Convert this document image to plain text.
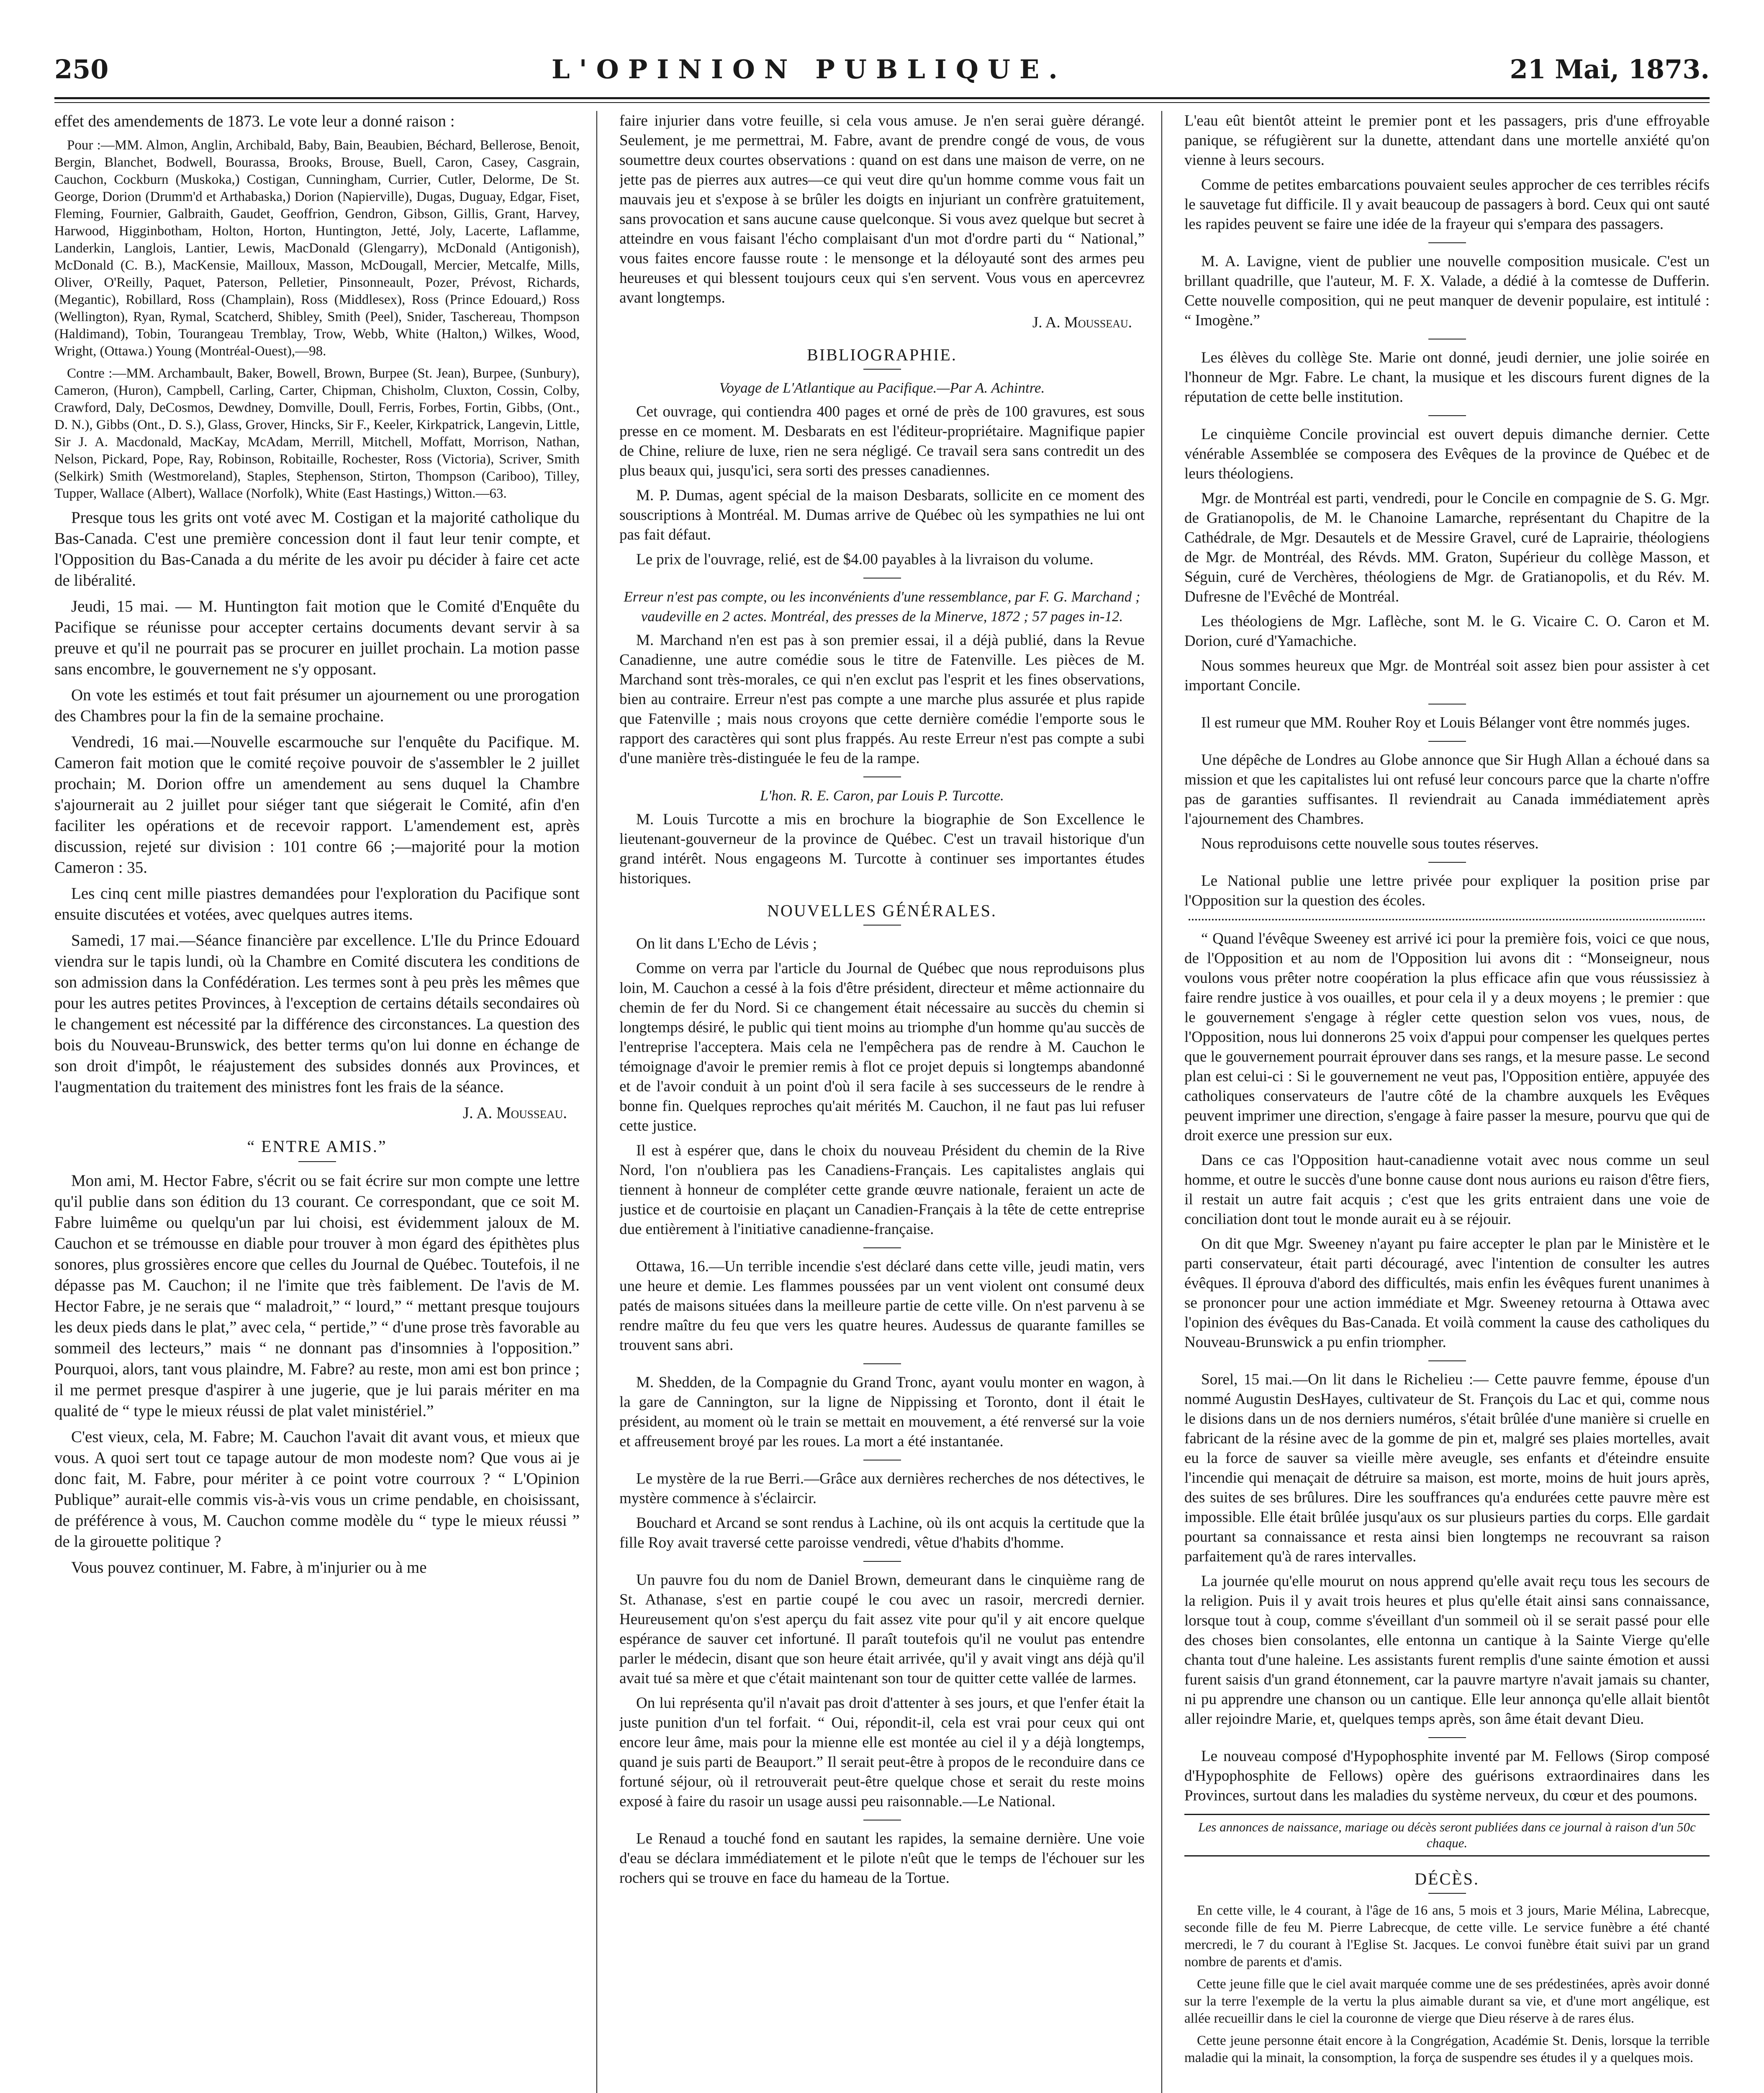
250	L'OPINION PUBLIQUE.	21 Mai, 1873.

effet des amendements de 1873. Le vote leur a donné raison :

Pour :—MM. Almon, Anglin, Archibald, Baby, Bain, Beaubien, Béchard, Bellerose, Benoit, Bergin, Blanchet, Bodwell, Bourassa, Brooks, Brouse, Buell, Caron, Casey, Casgrain, Cauchon, Cockburn (Muskoka,) Costigan, Cunningham, Currier, Cutler, Delorme, De St. George, Dorion (Drumm'd et Arthabaska,) Dorion (Napierville), Dugas, Duguay, Edgar, Fiset, Fleming, Fournier, Galbraith, Gaudet, Geoffrion, Gendron, Gibson, Gillis, Grant, Harvey, Harwood, Higginbotham, Holton, Horton, Huntington, Jetté, Joly, Lacerte, Laflamme, Landerkin, Langlois, Lantier, Lewis, MacDonald (Glengarry), McDonald (Antigonish), McDonald (C. B.), MacKensie, Mailloux, Masson, McDougall, Mercier, Metcalfe, Mills, Oliver, O'Reilly, Paquet, Paterson, Pelletier, Pinsonneault, Pozer, Prévost, Richards, (Megantic), Robillard, Ross (Champlain), Ross (Middlesex), Ross (Prince Edouard,) Ross (Wellington), Ryan, Rymal, Scatcherd, Shibley, Smith (Peel), Snider, Taschereau, Thompson (Haldimand), Tobin, Tourangeau Tremblay, Trow, Webb, White (Halton,) Wilkes, Wood, Wright, (Ottawa.) Young (Montréal-Ouest),—98.

Contre :—MM. Archambault, Baker, Bowell, Brown, Burpee (St. Jean), Burpee, (Sunbury), Cameron, (Huron), Campbell, Carling, Carter, Chipman, Chisholm, Cluxton, Cossin, Colby, Crawford, Daly, DeCosmos, Dewdney, Domville, Doull, Ferris, Forbes, Fortin, Gibbs, (Ont., D. N.), Gibbs (Ont., D. S.), Glass, Grover, Hincks, Sir F., Keeler, Kirkpatrick, Langevin, Little, Sir J. A. Macdonald, MacKay, McAdam, Merrill, Mitchell, Moffatt, Morrison, Nathan, Nelson, Pickard, Pope, Ray, Robinson, Robitaille, Rochester, Ross (Victoria), Scriver, Smith (Selkirk) Smith (Westmoreland), Staples, Stephenson, Stirton, Thompson (Cariboo), Tilley, Tupper, Wallace (Albert), Wallace (Norfolk), White (East Hastings,) Witton.—63.

Presque tous les grits ont voté avec M. Costigan et la majorité catholique du Bas-Canada. C'est une première concession dont il faut leur tenir compte, et l'Opposition du Bas-Canada a du mérite de les avoir pu décider à faire cet acte de libéralité.

Jeudi, 15 mai. — M. Huntington fait motion que le Comité d'Enquête du Pacifique se réunisse pour accepter certains documents devant servir à sa preuve et qu'il ne pourrait pas se procurer en juillet prochain. La motion passe sans encombre, le gouvernement ne s'y opposant.

On vote les estimés et tout fait présumer un ajournement ou une prorogation des Chambres pour la fin de la semaine prochaine.

Vendredi, 16 mai.—Nouvelle escarmouche sur l'enquête du Pacifique. M. Cameron fait motion que le comité reçoive pouvoir de s'assembler le 2 juillet prochain; M. Dorion offre un amendement au sens duquel la Chambre s'ajournerait au 2 juillet pour siéger tant que siégerait le Comité, afin d'en faciliter les opérations et de recevoir rapport. L'amendement est, après discussion, rejeté sur division : 101 contre 66 ;—majorité pour la motion Cameron : 35.

Les cinq cent mille piastres demandées pour l'exploration du Pacifique sont ensuite discutées et votées, avec quelques autres items.

Samedi, 17 mai.—Séance financière par excellence. L'Ile du Prince Edouard viendra sur le tapis lundi, où la Chambre en Comité discutera les conditions de son admission dans la Confédération. Les termes sont à peu près les mêmes que pour les autres petites Provinces, à l'exception de certains détails secondaires où le changement est nécessité par la différence des circonstances. La question des bois du Nouveau-Brunswick, des better terms qu'on lui donne en échange de son droit d'impôt, le réajustement des subsides donnés aux Provinces, et l'augmentation du traitement des ministres font les frais de la séance.

J. A. Mousseau.
“ ENTRE AMIS.”

Mon ami, M. Hector Fabre, s'écrit ou se fait écrire sur mon compte une lettre qu'il publie dans son édition du 13 courant. Ce correspondant, que ce soit M. Fabre luimême ou quelqu'un par lui choisi, est évidemment jaloux de M. Cauchon et se trémousse en diable pour trouver à mon égard des épithètes plus sonores, plus grossières encore que celles du Journal de Québec. Toutefois, il ne dépasse pas M. Cauchon; il ne l'imite que très faiblement. De l'avis de M. Hector Fabre, je ne serais que “ maladroit,” “ lourd,” “ mettant presque toujours les deux pieds dans le plat,” avec cela, “ pertide,” “ d'une prose très favorable au sommeil des lecteurs,” mais “ ne donnant pas d'insomnies à l'opposition.” Pourquoi, alors, tant vous plaindre, M. Fabre? au reste, mon ami est bon prince ; il me permet presque d'aspirer à une jugerie, que je lui parais mériter en ma qualité de “ type le mieux réussi de plat valet ministériel.”

C'est vieux, cela, M. Fabre; M. Cauchon l'avait dit avant vous, et mieux que vous. A quoi sert tout ce tapage autour de mon modeste nom? Que vous ai je donc fait, M. Fabre, pour mériter à ce point votre courroux ? “ L'Opinion Publique” aurait-elle commis vis-à-vis vous un crime pendable, en choisissant, de préférence à vous, M. Cauchon comme modèle du “ type le mieux réussi ” de la girouette politique ?

Vous pouvez continuer, M. Fabre, à m'injurier ou à me

faire injurier dans votre feuille, si cela vous amuse. Je n'en serai guère dérangé. Seulement, je me permettrai, M. Fabre, avant de prendre congé de vous, de vous soumettre deux courtes observations : quand on est dans une maison de verre, on ne jette pas de pierres aux autres—ce qui veut dire qu'un homme comme vous fait un mauvais jeu et s'expose à se brûler les doigts en injuriant un confrère gratuitement, sans provocation et sans aucune cause quelconque. Si vous avez quelque but secret à atteindre en vous faisant l'écho complaisant d'un mot d'ordre parti du “ National,” vous faites encore fausse route : le mensonge et la déloyauté sont des armes peu heureuses et qui blessent toujours ceux qui s'en servent. Vous vous en apercevrez avant longtemps.

J. A. Mousseau.
BIBLIOGRAPHIE.
Voyage de L'Atlantique au Pacifique.—Par A. Achintre.

Cet ouvrage, qui contiendra 400 pages et orné de près de 100 gravures, est sous presse en ce moment. M. Desbarats en est l'éditeur-propriétaire. Magnifique papier de Chine, reliure de luxe, rien ne sera négligé. Ce travail sera sans contredit un des plus beaux qui, jusqu'ici, sera sorti des presses canadiennes.

M. P. Dumas, agent spécial de la maison Desbarats, sollicite en ce moment des souscriptions à Montréal. M. Dumas arrive de Québec où les sympathies ne lui ont pas fait défaut.

Le prix de l'ouvrage, relié, est de $4.00 payables à la livraison du volume.

Erreur n'est pas compte, ou les inconvénients d'une ressemblance, par F. G. Marchand ; vaudeville en 2 actes. Montréal, des presses de la Minerve, 1872 ; 57 pages in-12.

M. Marchand n'en est pas à son premier essai, il a déjà publié, dans la Revue Canadienne, une autre comédie sous le titre de Fatenville. Les pièces de M. Marchand sont très-morales, ce qui n'en exclut pas l'esprit et les fines observations, bien au contraire. Erreur n'est pas compte a une marche plus assurée et plus rapide que Fatenville ; mais nous croyons que cette dernière comédie l'emporte sous le rapport des caractères qui sont plus frappés. Au reste Erreur n'est pas compte a subi d'une manière très-distinguée le feu de la rampe.

L'hon. R. E. Caron, par Louis P. Turcotte.

M. Louis Turcotte a mis en brochure la biographie de Son Excellence le lieutenant-gouverneur de la province de Québec. C'est un travail historique d'un grand intérêt. Nous engageons M. Turcotte à continuer ses importantes études historiques.

NOUVELLES GÉNÉRALES.

On lit dans L'Echo de Lévis ;

Comme on verra par l'article du Journal de Québec que nous reproduisons plus loin, M. Cauchon a cessé à la fois d'être président, directeur et même actionnaire du chemin de fer du Nord. Si ce changement était nécessaire au succès du chemin si longtemps désiré, le public qui tient moins au triomphe d'un homme qu'au succès de l'entreprise l'acceptera. Mais cela ne l'empêchera pas de rendre à M. Cauchon le témoignage d'avoir le premier remis à flot ce projet depuis si longtemps abandonné et de l'avoir conduit à un point d'où il sera facile à ses successeurs de le rendre à bonne fin. Quelques reproches qu'ait mérités M. Cauchon, il ne faut pas lui refuser cette justice.

Il est à espérer que, dans le choix du nouveau Président du chemin de la Rive Nord, l'on n'oubliera pas les Canadiens-Français. Les capitalistes anglais qui tiennent à honneur de compléter cette grande œuvre nationale, feraient un acte de justice et de courtoisie en plaçant un Canadien-Français à la tête de cette entreprise due entièrement à l'initiative canadienne-française.

Ottawa, 16.—Un terrible incendie s'est déclaré dans cette ville, jeudi matin, vers une heure et demie. Les flammes poussées par un vent violent ont consumé deux patés de maisons situées dans la meilleure partie de cette ville. On n'est parvenu à se rendre maître du feu que vers les quatre heures. Audessus de quarante familles se trouvent sans abri.

M. Shedden, de la Compagnie du Grand Tronc, ayant voulu monter en wagon, à la gare de Cannington, sur la ligne de Nippissing et Toronto, dont il était le président, au moment où le train se mettait en mouvement, a été renversé sur la voie et affreusement broyé par les roues. La mort a été instantanée.

Le mystère de la rue Berri.—Grâce aux dernières recherches de nos détectives, le mystère commence à s'éclaircir.

Bouchard et Arcand se sont rendus à Lachine, où ils ont acquis la certitude que la fille Roy avait traversé cette paroisse vendredi, vêtue d'habits d'homme.

Un pauvre fou du nom de Daniel Brown, demeurant dans le cinquième rang de St. Athanase, s'est en partie coupé le cou avec un rasoir, mercredi dernier. Heureusement qu'on s'est aperçu du fait assez vite pour qu'il y ait encore quelque espérance de sauver cet infortuné. Il paraît toutefois qu'il ne voulut pas entendre parler le médecin, disant que son heure était arrivée, qu'il y avait vingt ans déjà qu'il avait tué sa mère et que c'était maintenant son tour de quitter cette vallée de larmes.

On lui représenta qu'il n'avait pas droit d'attenter à ses jours, et que l'enfer était la juste punition d'un tel forfait. “ Oui, répondit-il, cela est vrai pour ceux qui ont encore leur âme, mais pour la mienne elle est montée au ciel il y a déjà longtemps, quand je suis parti de Beauport.” Il serait peut-être à propos de le reconduire dans ce fortuné séjour, où il retrouverait peut-être quelque chose et serait du reste moins exposé à faire du rasoir un usage aussi peu raisonnable.—Le National.

Le Renaud a touché fond en sautant les rapides, la semaine dernière. Une voie d'eau se déclara immédiatement et le pilote n'eût que le temps de l'échouer sur les rochers qui se trouve en face du hameau de la Tortue.

L'eau eût bientôt atteint le premier pont et les passagers, pris d'une effroyable panique, se réfugièrent sur la dunette, attendant dans une mortelle anxiété qu'on vienne à leurs secours.

Comme de petites embarcations pouvaient seules approcher de ces terribles récifs le sauvetage fut difficile. Il y avait beaucoup de passagers à bord. Ceux qui ont sauté les rapides peuvent se faire une idée de la frayeur qui s'empara des passagers.

M. A. Lavigne, vient de publier une nouvelle composition musicale. C'est un brillant quadrille, que l'auteur, M. F. X. Valade, a dédié à la comtesse de Dufferin. Cette nouvelle composition, qui ne peut manquer de devenir populaire, est intitulé : “ Imogène.”

Les élèves du collège Ste. Marie ont donné, jeudi dernier, une jolie soirée en l'honneur de Mgr. Fabre. Le chant, la musique et les discours furent dignes de la réputation de cette belle institution.

Le cinquième Concile provincial est ouvert depuis dimanche dernier. Cette vénérable Assemblée se composera des Evêques de la province de Québec et de leurs théologiens.

Mgr. de Montréal est parti, vendredi, pour le Concile en compagnie de S. G. Mgr. de Gratianopolis, de M. le Chanoine Lamarche, représentant du Chapitre de la Cathédrale, de Mgr. Desautels et de Messire Gravel, curé de Laprairie, théologiens de Mgr. de Montréal, des Révds. MM. Graton, Supérieur du collège Masson, et Séguin, curé de Verchères, théologiens de Mgr. de Gratianopolis, et du Rév. M. Dufresne de l'Evêché de Montréal.

Les théologiens de Mgr. Laflèche, sont M. le G. Vicaire C. O. Caron et M. Dorion, curé d'Yamachiche.

Nous sommes heureux que Mgr. de Montréal soit assez bien pour assister à cet important Concile.

Il est rumeur que MM. Rouher Roy et Louis Bélanger vont être nommés juges.

Une dépêche de Londres au Globe annonce que Sir Hugh Allan a échoué dans sa mission et que les capitalistes lui ont refusé leur concours parce que la charte n'offre pas de garanties suffisantes. Il reviendrait au Canada immédiatement après l'ajournement des Chambres.

Nous reproduisons cette nouvelle sous toutes réserves.

Le National publie une lettre privée pour expliquer la position prise par l'Opposition sur la question des écoles.

“ Quand l'évêque Sweeney est arrivé ici pour la première fois, voici ce que nous, de l'Opposition et au nom de l'Opposition lui avons dit : “Monseigneur, nous voulons vous prêter notre coopération la plus efficace afin que vous réussissiez à faire rendre justice à vos ouailles, et pour cela il y a deux moyens ; le premier : que le gouvernement s'engage à régler cette question selon vos vues, nous, de l'Opposition, nous lui donnerons 25 voix d'appui pour compenser les quelques pertes que le gouvernement pourrait éprouver dans ses rangs, et la mesure passe. Le second plan est celui-ci : Si le gouvernement ne veut pas, l'Opposition entière, appuyée des catholiques conservateurs de l'autre côté de la chambre auxquels les Evêques peuvent imprimer une direction, s'engage à faire passer la mesure, pourvu que qui de droit exerce une pression sur eux.

Dans ce cas l'Opposition haut-canadienne votait avec nous comme un seul homme, et outre le succès d'une bonne cause dont nous aurions eu raison d'être fiers, il restait un autre fait acquis ; c'est que les grits entraient dans une voie de conciliation dont tout le monde aurait eu à se réjouir.

On dit que Mgr. Sweeney n'ayant pu faire accepter le plan par le Ministère et le parti conservateur, était parti découragé, avec l'intention de consulter les autres évêques. Il éprouva d'abord des difficultés, mais enfin les évêques furent unanimes à se prononcer pour une action immédiate et Mgr. Sweeney retourna à Ottawa avec l'opinion des évêques du Bas-Canada. Et voilà comment la cause des catholiques du Nouveau-Brunswick a pu enfin triompher.

Sorel, 15 mai.—On lit dans le Richelieu :— Cette pauvre femme, épouse d'un nommé Augustin DesHayes, cultivateur de St. François du Lac et qui, comme nous le disions dans un de nos derniers numéros, s'était brûlée d'une manière si cruelle en fabricant de la résine avec de la gomme de pin et, malgré ses plaies mortelles, avait eu la force de sauver sa vieille mère aveugle, ses enfants et d'éteindre ensuite l'incendie qui menaçait de détruire sa maison, est morte, moins de huit jours après, des suites de ses brûlures. Dire les souffrances qu'a endurées cette pauvre mère est impossible. Elle était brûlée jusqu'aux os sur plusieurs parties du corps. Elle gardait pourtant sa connaissance et resta ainsi bien longtemps ne recouvrant sa raison parfaitement qu'à de rares intervalles.

La journée qu'elle mourut on nous apprend qu'elle avait reçu tous les secours de la religion. Puis il y avait trois heures et plus qu'elle était ainsi sans connaissance, lorsque tout à coup, comme s'éveillant d'un sommeil où il se serait passé pour elle des choses bien consolantes, elle entonna un cantique à la Sainte Vierge qu'elle chanta tout d'une haleine. Les assistants furent remplis d'une sainte émotion et aussi furent saisis d'un grand étonnement, car la pauvre martyre n'avait jamais su chanter, ni pu apprendre une chanson ou un cantique. Elle leur annonça qu'elle allait bientôt aller rejoindre Marie, et, quelques temps après, son âme était devant Dieu.

Le nouveau composé d'Hypophosphite inventé par M. Fellows (Sirop composé d'Hypophosphite de Fellows) opère des guérisons extraordinaires dans les Provinces, surtout dans les maladies du système nerveux, du cœur et des poumons.

Les annonces de naissance, mariage ou décès seront publiées dans ce journal à raison d'un 50c chaque.
DÉCÈS.

En cette ville, le 4 courant, à l'âge de 16 ans, 5 mois et 3 jours, Marie Mélina, Labrecque, seconde fille de feu M. Pierre Labrecque, de cette ville. Le service funèbre a été chanté mercredi, le 7 du courant à l'Eglise St. Jacques. Le convoi funèbre était suivi par un grand nombre de parents et d'amis.

Cette jeune fille que le ciel avait marquée comme une de ses prédestinées, après avoir donné sur la terre l'exemple de la vertu la plus aimable durant sa vie, et d'une mort angélique, est allée recueillir dans le ciel la couronne de vierge que Dieu réserve à de rares élus.

Cette jeune personne était encore à la Congrégation, Académie St. Denis, lorsque la terrible maladie qui la minait, la consomption, la força de suspendre ses études il y a quelques mois.
